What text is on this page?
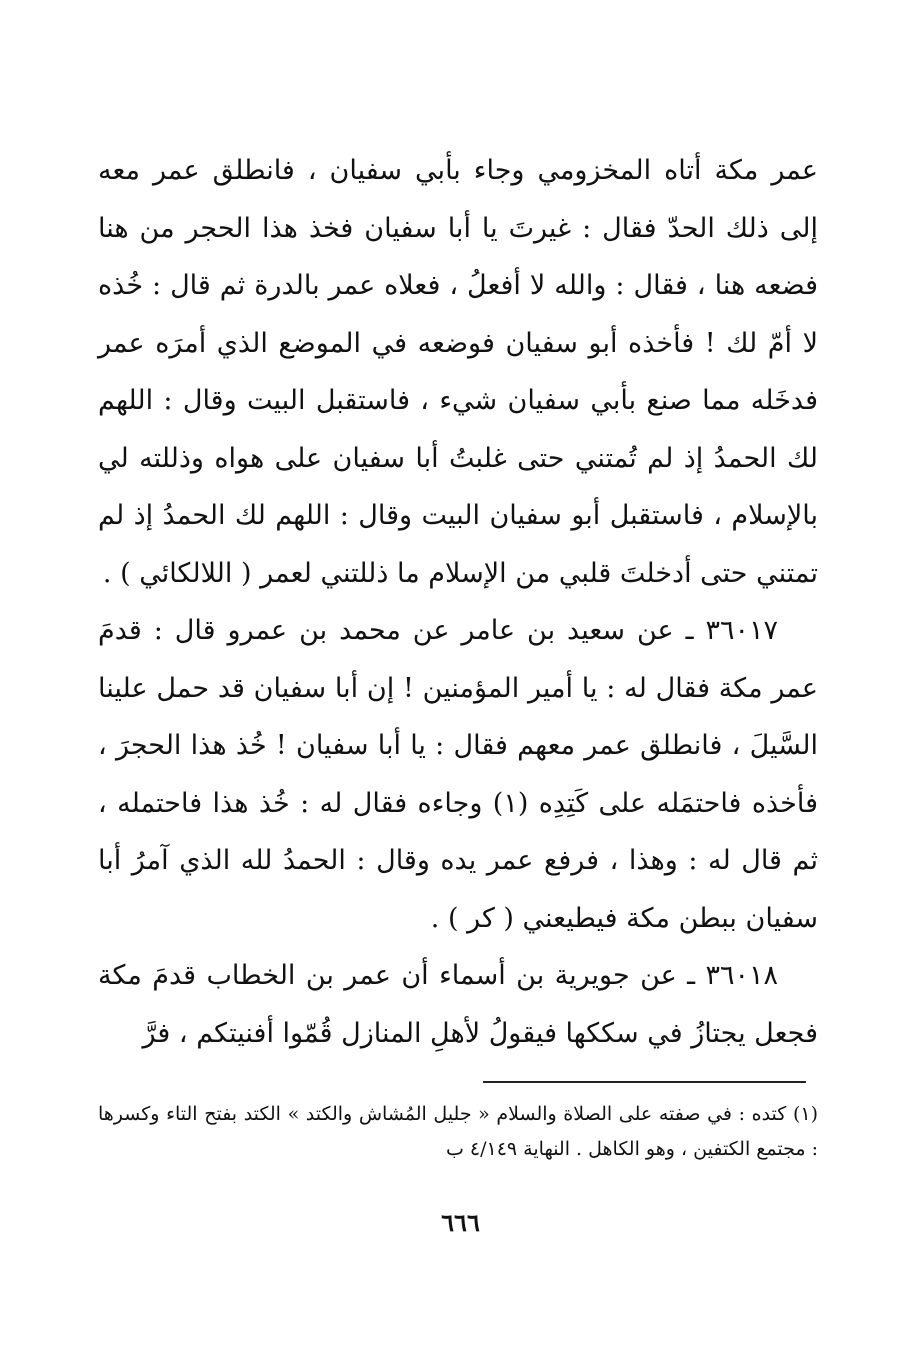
عمر مكة أتاه المخزومي وجاء بأبي سفيان ، فانطلق عمر معه إلى ذلك الحدّ فقال : غيرتَ يا أبا سفيان فخذ هذا الحجر من هنا فضعه هنا ، فقال : والله لا أفعلُ ، فعلاه عمر بالدرة ثم قال : خُذه لا أمّ لك ! فأخذه أبو سفيان فوضعه في الموضع الذي أمرَه عمر فدخَله مما صنع بأبي سفيان شيء ، فاستقبل البيت وقال : اللهم لك الحمدُ إذ لم تُمتني حتى غلبتُ أبا سفيان على هواه وذللته لي بالإسلام ، فاستقبل أبو سفيان البيت وقال : اللهم لك الحمدُ إذ لم تمتني حتى أدخلتَ قلبي من الإسلام ما ذللتني لعمر ( اللالكائي ) .

٣٦٠١٧ ـ عن سعيد بن عامر عن محمد بن عمرو قال : قدمَ عمر مكة فقال له : يا أمير المؤمنين ! إن أبا سفيان قد حمل علينا السَّيلَ ، فانطلق عمر معهم فقال : يا أبا سفيان ! خُذ هذا الحجرَ ، فأخذه فاحتمَله على كَتِدِه (١) وجاءه فقال له : خُذ هذا فاحتمله ، ثم قال له : وهذا ، فرفع عمر يده وقال : الحمدُ لله الذي آمرُ أبا سفيان ببطن مكة فيطيعني ( كر ) .

٣٦٠١٨ ـ عن جويرية بن أسماء أن عمر بن الخطاب قدمَ مكة فجعل يجتازُ في سككها فيقولُ لأهلِ المنازل قُمّوا أفنيتكم ، فرَّ

(١) كتده : في صفته على الصلاة والسلام « جليل المُشاش والكتد » الكتد بفتح التاء وكسرها : مجتمع الكتفين ، وهو الكاهل . النهاية ٤/١٤٩ ب
٦٦٦
